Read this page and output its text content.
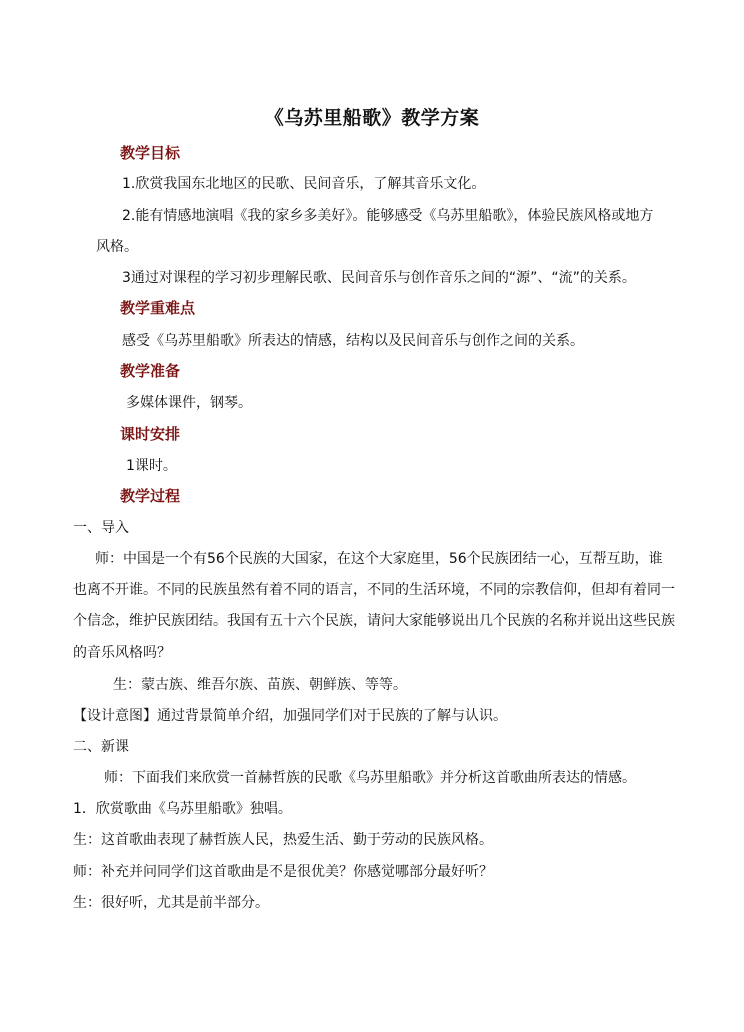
《乌苏里船歌》教学方案
教学目标
1.欣赏我国东北地区的民歌、民间音乐，了解其音乐文化。
2.能有情感地演唱《我的家乡多美好》。能够感受《乌苏里船歌》，体验民族风格或地方
风格。
3通过对课程的学习初步理解民歌、民间音乐与创作音乐之间的“源”、“流”的关系。
教学重难点
感受《乌苏里船歌》所表达的情感，结构以及民间音乐与创作之间的关系。
教学准备
多媒体课件，钢琴。
课时安排
1课时。
教学过程
一、导入
师：中国是一个有56个民族的大国家，在这个大家庭里，56个民族团结一心，互帮互助，谁
也离不开谁。不同的民族虽然有着不同的语言，不同的生活环境，不同的宗教信仰，但却有着同一
个信念，维护民族团结。我国有五十六个民族，请问大家能够说出几个民族的名称并说出这些民族
的音乐风格吗？
生：蒙古族、维吾尔族、苗族、朝鲜族、等等。
【设计意图】通过背景简单介绍，加强同学们对于民族的了解与认识。
二、新课
师：下面我们来欣赏一首赫哲族的民歌《乌苏里船歌》并分析这首歌曲所表达的情感。
1．欣赏歌曲《乌苏里船歌》独唱。
生：这首歌曲表现了赫哲族人民，热爱生活、勤于劳动的民族风格。
师：补充并问同学们这首歌曲是不是很优美？你感觉哪部分最好听？
生：很好听，尤其是前半部分。
